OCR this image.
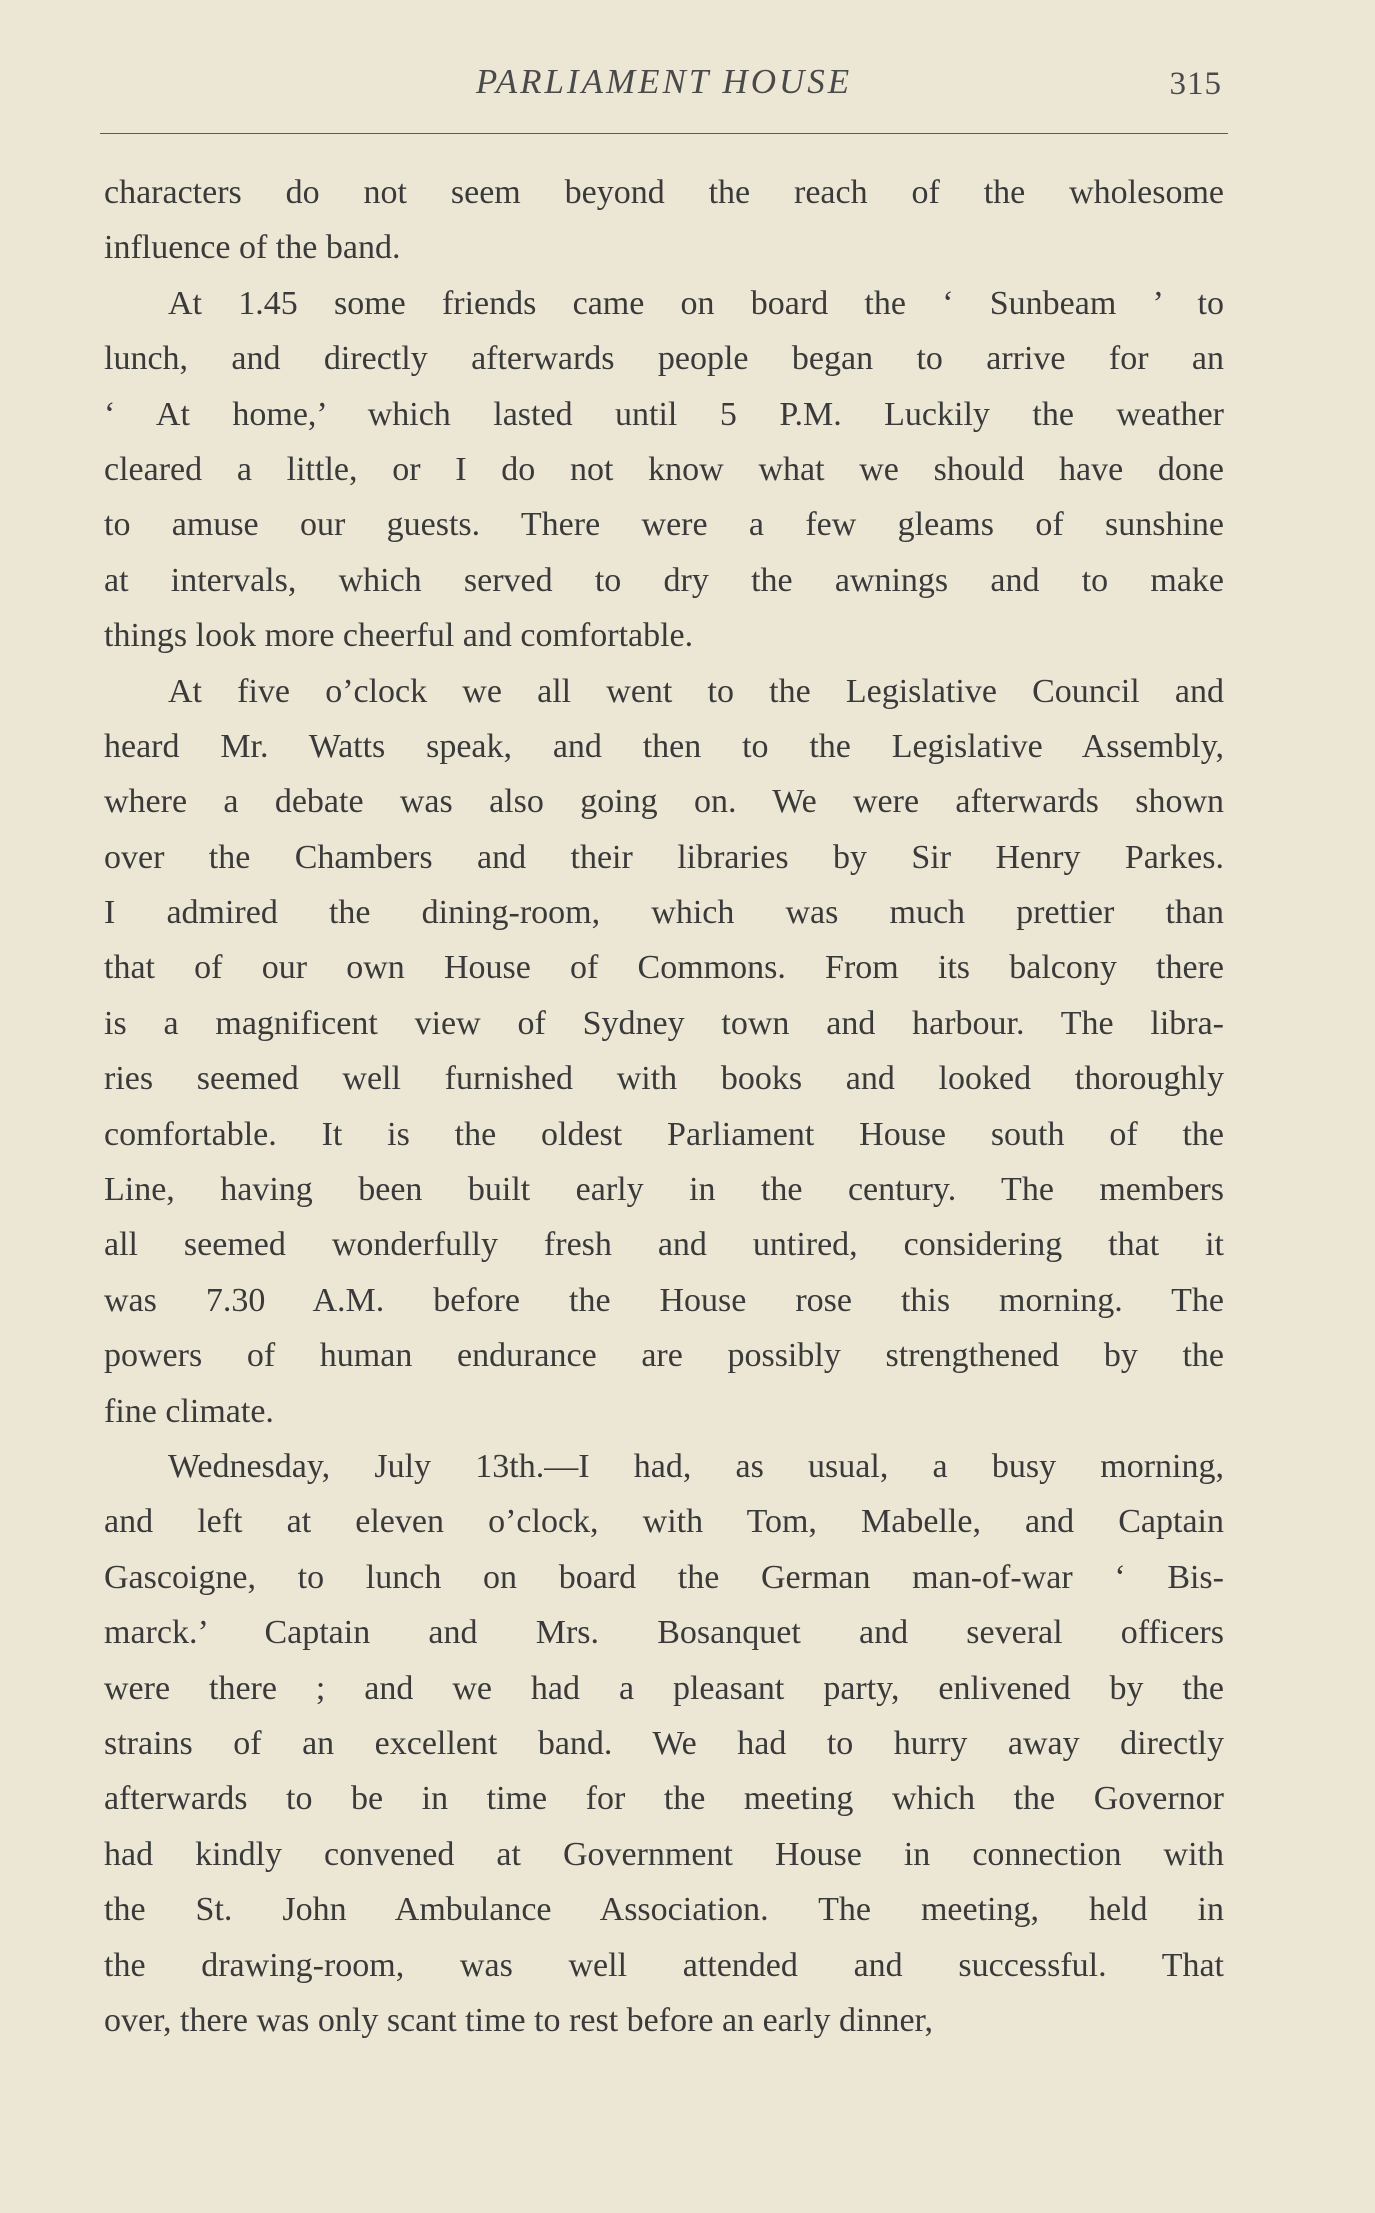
PARLIAMENT HOUSE	315
characters do not seem beyond the reach of the wholesome
influence of the band.
At 1.45 some friends came on board the ‘ Sunbeam ’ to
lunch, and directly afterwards people began to arrive for an
‘ At home,’ which lasted until 5 P.M. Luckily the weather
cleared a little, or I do not know what we should have done
to amuse our guests. There were a few gleams of sunshine
at intervals, which served to dry the awnings and to make
things look more cheerful and comfortable.
At five o’clock we all went to the Legislative Council and
heard Mr. Watts speak, and then to the Legislative Assembly,
where a debate was also going on. We were afterwards shown
over the Chambers and their libraries by Sir Henry Parkes.
I admired the dining-room, which was much prettier than
that of our own House of Commons. From its balcony there
is a magnificent view of Sydney town and harbour. The libra-
ries seemed well furnished with books and looked thoroughly
comfortable. It is the oldest Parliament House south of the
Line, having been built early in the century. The members
all seemed wonderfully fresh and untired, considering that it
was 7.30 A.M. before the House rose this morning. The
powers of human endurance are possibly strengthened by the
fine climate.
Wednesday, July 13th.—I had, as usual, a busy morning,
and left at eleven o’clock, with Tom, Mabelle, and Captain
Gascoigne, to lunch on board the German man-of-war ‘ Bis-
marck.’ Captain and Mrs. Bosanquet and several officers
were there ; and we had a pleasant party, enlivened by the
strains of an excellent band. We had to hurry away directly
afterwards to be in time for the meeting which the Governor
had kindly convened at Government House in connection with
the St. John Ambulance Association. The meeting, held in
the drawing-room, was well attended and successful. That
over, there was only scant time to rest before an early dinner,
